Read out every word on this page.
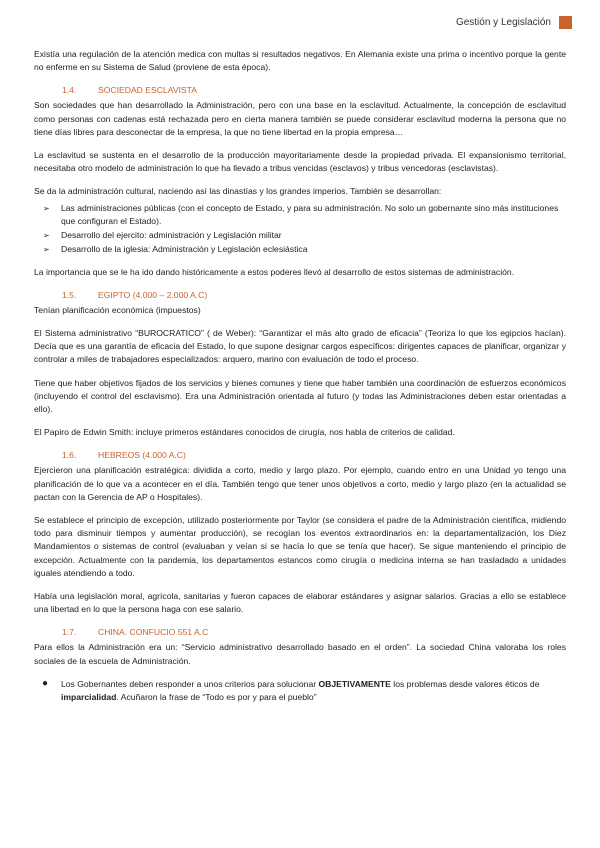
Gestión y Legislación

Existía una regulación de la atención medica con multas si resultados negativos. En Alemania existe una prima o incentivo porque la gente no enferme en su Sistema de Salud (proviene de esta época).

1.4.	SOCIEDAD ESCLAVISTA

Son sociedades que han desarrollado la Administración, pero con una base en la esclavitud. Actualmente, la concepción de esclavitud como personas con cadenas está rechazada pero en cierta manera también se puede considerar esclavitud moderna la persona que no tiene días libres para desconectar de la empresa, la que no tiene libertad en la propia empresa…

La esclavitud se sustenta en el desarrollo de la producción mayoritariamente desde la propiedad privada. El expansionismo territorial, necesitaba otro modelo de administración lo que ha llevado a tribus vencidas (esclavos) y tribus vencedoras (esclavistas).

Se da la administración cultural, naciendo así las dinastías y los grandes imperios. También se desarrollan:

➢ Las administraciones públicas (con el concepto de Estado, y para su administración. No solo un gobernante sino más instituciones que configuran el Estado).
➢ Desarrollo del ejercito: administración y Legislación militar
➢ Desarrollo de la iglesia: Administración y Legislación eclesiástica

La importancia que se le ha ido dando históricamente a estos poderes llevó al desarrollo de estos sistemas de administración.

1.5.	EGIPTO (4.000 – 2.000 A.C)

Tenían planificación económica (impuestos)

El Sistema administrativo “BUROCRATICO” ( de Weber): “Garantizar el más alto grado de eficacia” (Teoriza lo que los egipcios hacían). Decía que es una garantía de eficacia del Estado, lo que supone designar cargos específicos: dirigentes capaces de planificar, organizar y controlar a miles de trabajadores especializados: arquero, marino con evaluación de todo el proceso.

Tiene que haber objetivos fijados de los servicios y bienes comunes y tiene que haber también una coordinación de esfuerzos económicos (incluyendo el control del esclavismo). Era una Administración orientada al futuro (y todas las Administraciones deben estar orientadas a ello).

El Papiro de Edwin Smith: incluye primeros estándares conocidos de cirugía, nos habla de criterios de calidad.

1.6.	HEBREOS (4.000 A.C)

Ejercieron una planificación estratégica: dividida a corto, medio y largo plazo. Por ejemplo, cuando entro en una Unidad yo tengo una planificación de lo que va a acontecer en el día. También tengo que tener unos objetivos a corto, medio y largo plazo (en la actualidad se pactan con la Gerencia de AP o Hospitales).

Se establece el principio de excepción, utilizado posteriormente por Taylor (se considera el padre de la Administración científica, midiendo todo para disminuir tiempos y aumentar producción), se recogían los eventos extraordinarios en: la departamentalización, los Diez Mandamientos o sistemas de control (evaluaban y veían si se hacía lo que se tenía que hacer). Se sigue manteniendo el principio de excepción. Actualmente con la pandemia, los departamentos estancos como cirugía o medicina interna se han trasladado a unidades iguales atendiendo a todo.

Había una legislación moral, agrícola, sanitarias y fueron capaces de elaborar estándares y asignar salarios. Gracias a ello se establece una libertad en lo que la persona haga con ese salario.

1.7.	CHINA. CONFUCIO 551 A.C

Para ellos la Administración era un: “Servicio administrativo desarrollado basado en el orden”. La sociedad China valoraba los roles sociales de la escuela de Administración.

● Los Gobernantes deben responder a unos criterios para solucionar OBJETIVAMENTE los problemas desde valores éticos de imparcialidad. Acuñaron la frase de “Todo es por y para el pueblo”
